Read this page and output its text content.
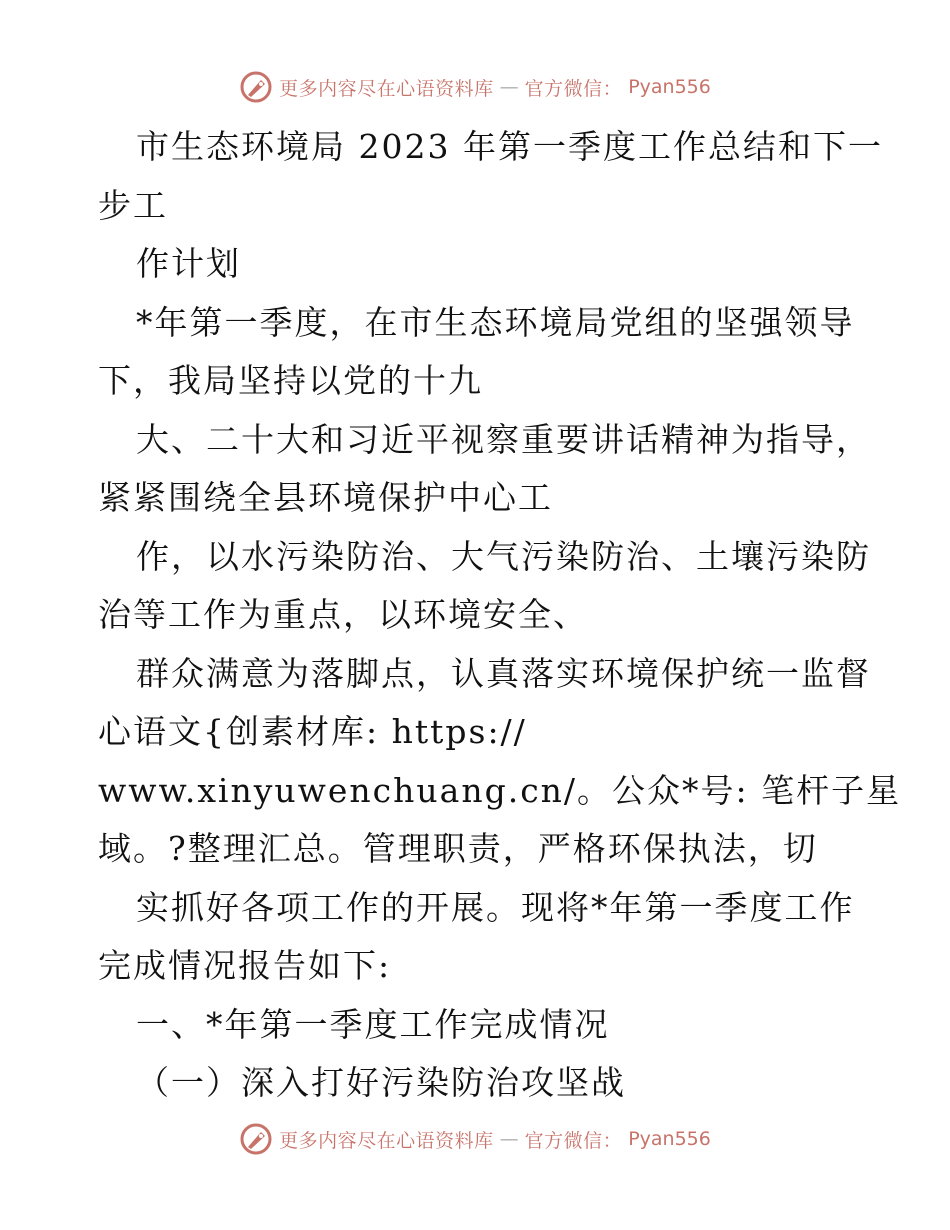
更多内容尽在心语资料库 — 官方微信： Pyan556
市生态环境局 2023 年第一季度工作总结和下一
步工
作计划
*年第一季度，在市生态环境局党组的坚强领导
下，我局坚持以党的十九
大、二十大和习近平视察重要讲话精神为指导，
紧紧围绕全县环境保护中心工
作，以水污染防治、大气污染防治、土壤污染防
治等工作为重点，以环境安全、
群众满意为落脚点，认真落实环境保护统一监督
心语文{创素材库: https://
www.xinyuwenchuang.cn/。公众*号: 笔杆子星
域。?整理汇总。管理职责，严格环保执法，切
实抓好各项工作的开展。现将*年第一季度工作
完成情况报告如下:
一、*年第一季度工作完成情况
（一）深入打好污染防治攻坚战
更多内容尽在心语资料库 — 官方微信： Pyan556
